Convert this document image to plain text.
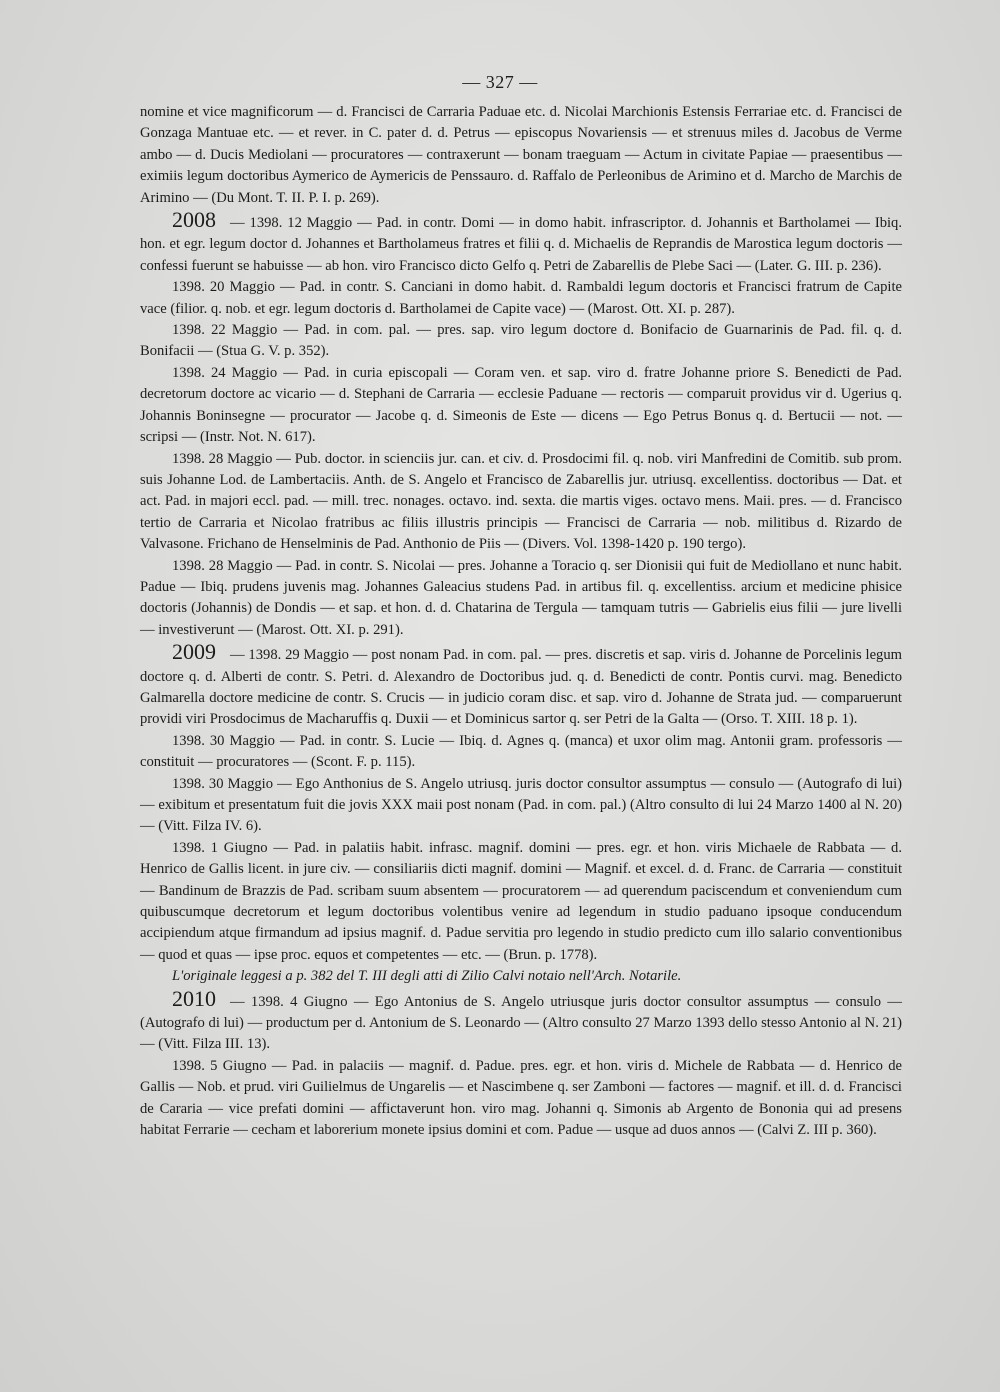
— 327 —

nomine et vice magnificorum — d. Francisci de Carraria Paduae etc. d. Nicolai Marchionis Estensis Ferrariae etc. d. Francisci de Gonzaga Mantuae etc. — et rever. in C. pater d. d. Petrus — episcopus Novariensis — et strenuus miles d. Jacobus de Verme ambo — d. Ducis Mediolani — procuratores — contraxerunt — bonam traeguam — Actum in civitate Papiae — praesentibus — eximiis legum doctoribus Aymerico de Aymericis de Penssauro. d. Raffalo de Perleonibus de Arimino et d. Marcho de Marchis de Arimino — (Du Mont. T. II. P. I. p. 269).

2008 — 1398. 12 Maggio — Pad. in contr. Domi — in domo habit. infrascriptor. d. Johannis et Bartholamei — Ibiq. hon. et egr. legum doctor d. Johannes et Bartholameus fratres et filii q. d. Michaelis de Reprandis de Marostica legum doctoris — confessi fuerunt se habuisse — ab hon. viro Francisco dicto Gelfo q. Petri de Zabarellis de Plebe Saci — (Later. G. III. p. 236).

1398. 20 Maggio — Pad. in contr. S. Canciani in domo habit. d. Rambaldi legum doctoris et Francisci fratrum de Capite vace (filior. q. nob. et egr. legum doctoris d. Bartholamei de Capite vace) — (Marost. Ott. XI. p. 287).

1398. 22 Maggio — Pad. in com. pal. — pres. sap. viro legum doctore d. Bonifacio de Guarnarinis de Pad. fil. q. d. Bonifacii — (Stua G. V. p. 352).

1398. 24 Maggio — Pad. in curia episcopali — Coram ven. et sap. viro d. fratre Johanne priore S. Benedicti de Pad. decretorum doctore ac vicario — d. Stephani de Carraria — ecclesie Paduane — rectoris — comparuit providus vir d. Ugerius q. Johannis Boninsegne — procurator — Jacobe q. d. Simeonis de Este — dicens — Ego Petrus Bonus q. d. Bertucii — not. — scripsi — (Instr. Not. N. 617).

1398. 28 Maggio — Pub. doctor. in scienciis jur. can. et civ. d. Prosdocimi fil. q. nob. viri Manfredini de Comitib. sub prom. suis Johanne Lod. de Lambertaciis. Anth. de S. Angelo et Francisco de Zabarellis jur. utriusq. excellentiss. doctoribus — Dat. et act. Pad. in majori eccl. pad. — mill. trec. nonages. octavo. ind. sexta. die martis viges. octavo mens. Maii. pres. — d. Francisco tertio de Carraria et Nicolao fratribus ac filiis illustris principis — Francisci de Carraria — nob. militibus d. Rizardo de Valvasone. Frichano de Henselminis de Pad. Anthonio de Piis — (Divers. Vol. 1398-1420 p. 190 tergo).

1398. 28 Maggio — Pad. in contr. S. Nicolai — pres. Johanne a Toracio q. ser Dionisii qui fuit de Mediollano et nunc habit. Padue — Ibiq. prudens juvenis mag. Johannes Galeacius studens Pad. in artibus fil. q. excellentiss. arcium et medicine phisice doctoris (Johannis) de Dondis — et sap. et hon. d. d. Chatarina de Tergula — tamquam tutris — Gabrielis eius filii — jure livelli — investiverunt — (Marost. Ott. XI. p. 291).

2009 — 1398. 29 Maggio — post nonam Pad. in com. pal. — pres. discretis et sap. viris d. Johanne de Porcelinis legum doctore q. d. Alberti de contr. S. Petri. d. Alexandro de Doctoribus jud. q. d. Benedicti de contr. Pontis curvi. mag. Benedicto Galmarella doctore medicine de contr. S. Crucis — in judicio coram disc. et sap. viro d. Johanne de Strata jud. — comparuerunt providi viri Prosdocimus de Macharuffis q. Duxii — et Dominicus sartor q. ser Petri de la Galta — (Orso. T. XIII. 18 p. 1).

1398. 30 Maggio — Pad. in contr. S. Lucie — Ibiq. d. Agnes q. (manca) et uxor olim mag. Antonii gram. professoris — constituit — procuratores — (Scont. F. p. 115).

1398. 30 Maggio — Ego Anthonius de S. Angelo utriusq. juris doctor consultor assumptus — consulo — (Autografo di lui) — exibitum et presentatum fuit die jovis XXX maii post nonam (Pad. in com. pal.) (Altro consulto di lui 24 Marzo 1400 al N. 20) — (Vitt. Filza IV. 6).

1398. 1 Giugno — Pad. in palatiis habit. infrasc. magnif. domini — pres. egr. et hon. viris Michaele de Rabbata — d. Henrico de Gallis licent. in jure civ. — consiliariis dicti magnif. domini — Magnif. et excel. d. d. Franc. de Carraria — constituit — Bandinum de Brazzis de Pad. scribam suum absentem — procuratorem — ad querendum paciscendum et conveniendum cum quibuscumque decretorum et legum doctoribus volentibus venire ad legendum in studio paduano ipsoque conducendum accipiendum atque firmandum ad ipsius magnif. d. Padue servitia pro legendo in studio predicto cum illo salario conventionibus — quod et quas — ipse proc. equos et competentes — etc. — (Brun. p. 1778).

L'originale leggesi a p. 382 del T. III degli atti di Zilio Calvi notaio nell'Arch. Notarile.

2010 — 1398. 4 Giugno — Ego Antonius de S. Angelo utriusque juris doctor consultor assumptus — consulo — (Autografo di lui) — productum per d. Antonium de S. Leonardo — (Altro consulto 27 Marzo 1393 dello stesso Antonio al N. 21) — (Vitt. Filza III. 13).

1398. 5 Giugno — Pad. in palaciis — magnif. d. Padue. pres. egr. et hon. viris d. Michele de Rabbata — d. Henrico de Gallis — Nob. et prud. viri Guilielmus de Ungarelis — et Nascimbene q. ser Zamboni — factores — magnif. et ill. d. d. Francisci de Cararia — vice prefati domini — affictaverunt hon. viro mag. Johanni q. Simonis ab Argento de Bononia qui ad presens habitat Ferrarie — cecham et laborerium monete ipsius domini et com. Padue — usque ad duos annos — (Calvi Z. III p. 360).
